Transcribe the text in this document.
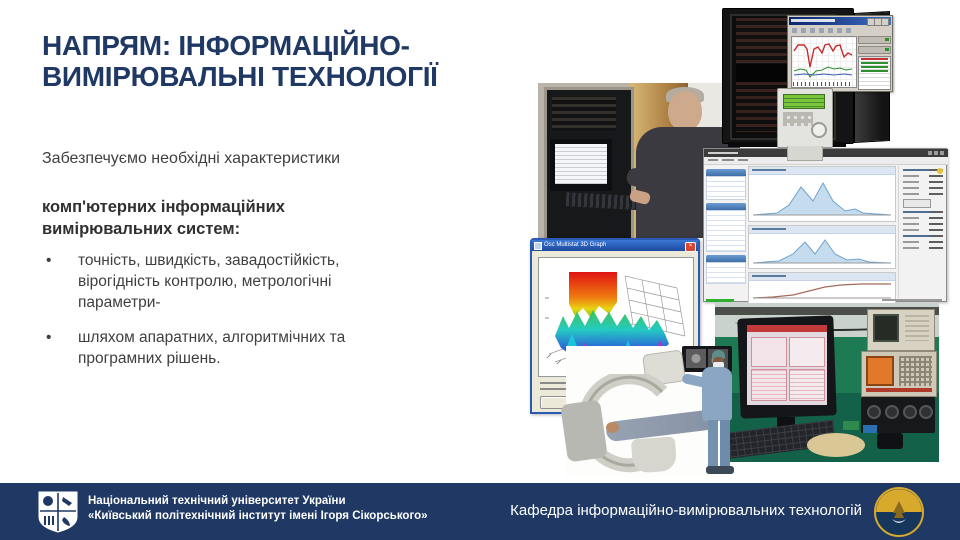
НАПРЯМ: ІНФОРМАЦІЙНО-
ВИМІРЮВАЛЬНІ ТЕХНОЛОГІЇ
Забезпечуємо необхідні характеристики
комп'ютерних інформаційних вимірювальних систем:
•	точність, швидкість, завадостійкість, вірогідність контролю, метрологічні параметри-
•	шляхом апаратних, алгоритмічних та програмних рішень.
Osc Multistat 3D Graph	×
Національний технічний університет України
«Київський політехнічний інститут імені Ігоря Сікорського»	Кафедра інформаційно-вимірювальних технологій
